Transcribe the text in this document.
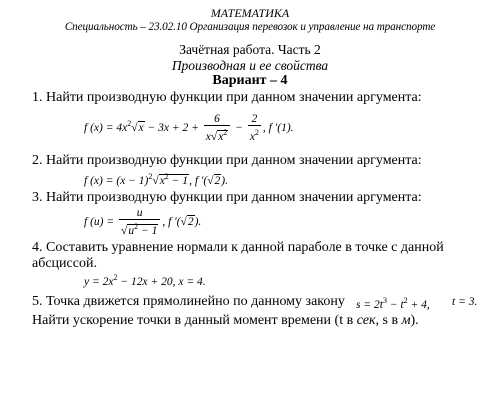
МАТЕМАТИКА
Специальность – 23.02.10 Организация перевозок и управление на транспорте
Зачётная работа. Часть 2
Производная и ее свойства
Вариант – 4
1. Найти производную функции при данном значении аргумента:
f $(x) = 4x^2√x - 3x + 2 + \frac{6}{x√x^2} - \frac{2}{x^2}$ , f ′(1).
2. Найти производную функции при данном значении аргумента:
f $(x) = (x - 1)^2√x^2 - 1$, f ′(√2).
3. Найти производную функции при данном значении аргумента:
f $(u) = \frac{u}{√u^2 - 1}$ , f ′(√2).
4. Составить уравнение нормали к данной параболе в точке с данной
абсциссой.
$y = 2x^2 - 12x + 20$, x = 4.
5. Точка движется прямолинейно по данному закону $s = 2t^3 - t^2 + 4$, t = 3.
Найти ускорение точки в данный момент времени (t в сек, s в м).
